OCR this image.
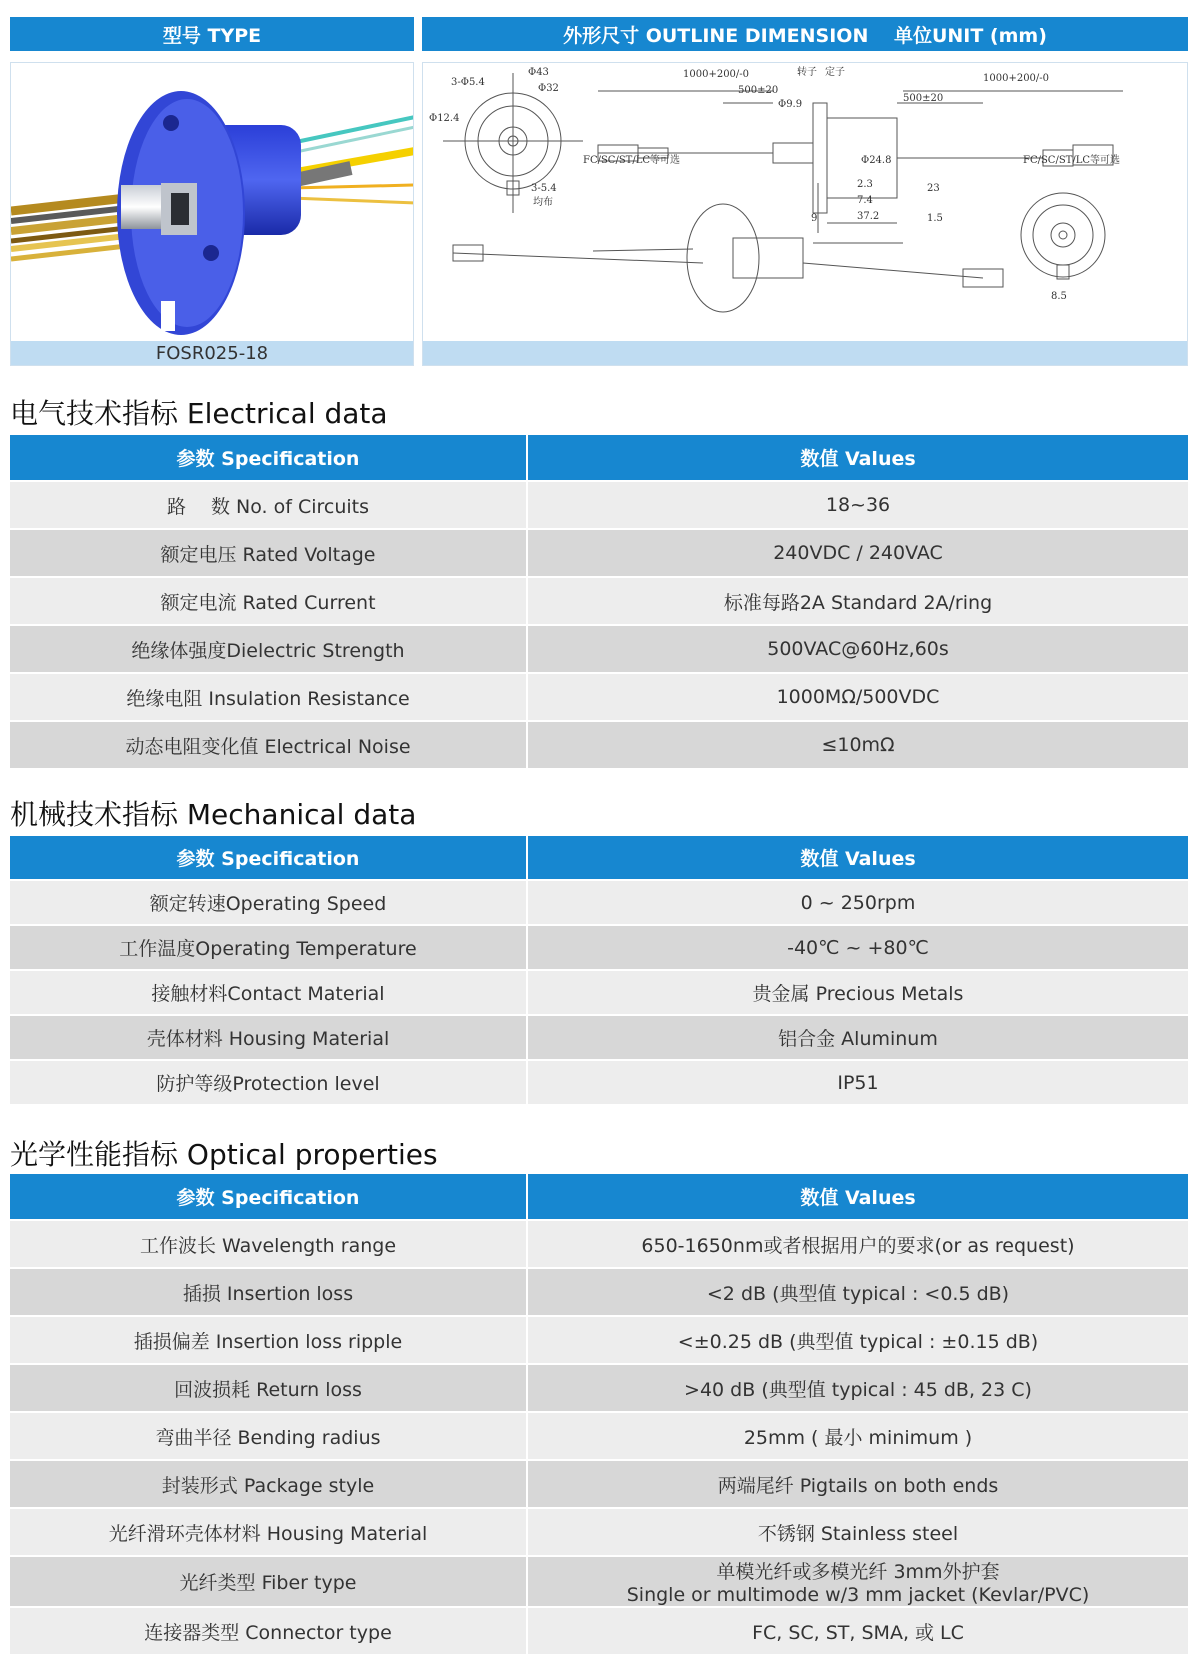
型号 TYPE	外形尺寸 OUTLINE DIMENSION　 单位UNIT (mm)
FOSR025-18
3-Φ5.4
Φ43
Φ32
Φ12.4
3-5.4
均布
1000+200/-0
500±20
转子 定子
Φ9.9
Φ24.8
FC/SC/ST/LC等可选
1000+200/-0
500±20
FC/SC/ST/LC等可选
2.3
7.4
37.2
9
23
1.5
8.5
电气技术指标 Electrical data
参数 Specification	数值 Values
路　 数 No. of Circuits	18~36
额定电压 Rated Voltage	240VDC / 240VAC
额定电流 Rated Current	标准每路2A Standard 2A/ring
绝缘体强度Dielectric Strength	500VAC@60Hz,60s
绝缘电阻 Insulation Resistance	1000MΩ/500VDC
动态电阻变化值 Electrical Noise	≤10mΩ
机械技术指标 Mechanical data
参数 Specification	数值 Values
额定转速Operating Speed	0 ~ 250rpm
工作温度Operating Temperature	-40℃ ~ +80℃
接触材料Contact Material	贵金属 Precious Metals
壳体材料 Housing Material	铝合金 Aluminum
防护等级Protection level	IP51
光学性能指标 Optical properties
参数 Specification	数值 Values
工作波长 Wavelength range	650-1650nm或者根据用户的要求(or as request)
插损 Insertion loss	<2 dB (典型值 typical : <0.5 dB)
插损偏差 Insertion loss ripple	<±0.25 dB (典型值 typical : ±0.15 dB)
回波损耗 Return loss	>40 dB (典型值 typical : 45 dB, 23 C)
弯曲半径 Bending radius	25mm ( 最小 minimum )
封装形式 Package style	两端尾纤 Pigtails on both ends
光纤滑环壳体材料 Housing Material	不锈钢 Stainless steel
光纤类型 Fiber type	单模光纤或多模光纤 3mm外护套
Single or multimode w/3 mm jacket (Kevlar/PVC)

连接器类型 Connector type	FC, SC, ST, SMA, 或 LC
